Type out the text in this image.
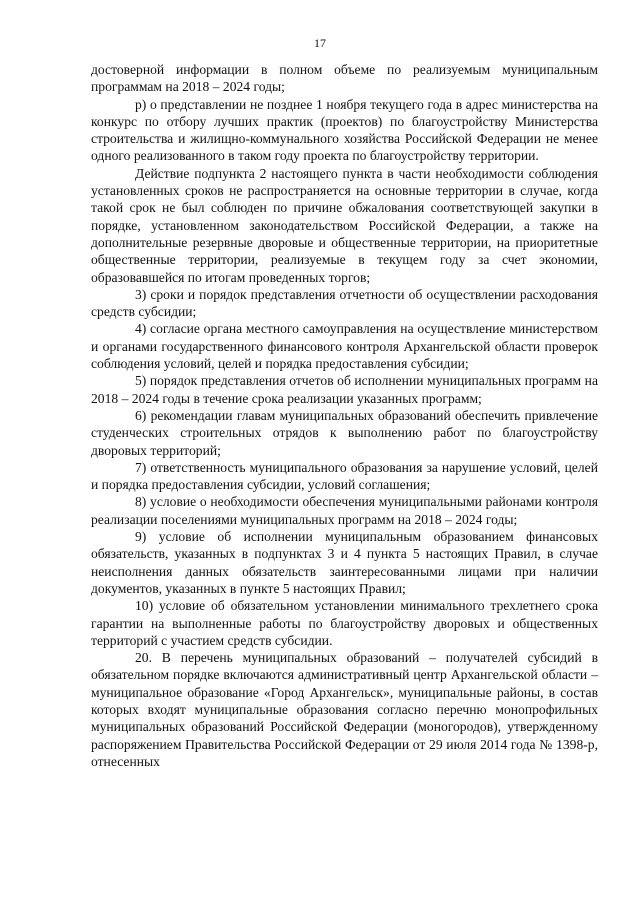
17

достоверной информации в полном объеме по реализуемым муниципальным программам на 2018 – 2024 годы;

р) о представлении не позднее 1 ноября текущего года в адрес министерства на конкурс по отбору лучших практик (проектов) по благоустройству Министерства строительства и жилищно-коммунального хозяйства Российской Федерации не менее одного реализованного в таком году проекта по благоустройству территории.

Действие подпункта 2 настоящего пункта в части необходимости соблюдения установленных сроков не распространяется на основные территории в случае, когда такой срок не был соблюден по причине обжалования соответствующей закупки в порядке, установленном законодательством Российской Федерации, а также на дополнительные резервные дворовые и общественные территории, на приоритетные общественные территории, реализуемые в текущем году за счет экономии, образовавшейся по итогам проведенных торгов;

3) сроки и порядок представления отчетности об осуществлении расходования средств субсидии;

4) согласие органа местного самоуправления на осуществление министерством и органами государственного финансового контроля Архангельской области проверок соблюдения условий, целей и порядка предоставления субсидии;

5) порядок представления отчетов об исполнении муниципальных программ на 2018 – 2024 годы в течение срока реализации указанных программ;

6) рекомендации главам муниципальных образований обеспечить привлечение студенческих строительных отрядов к выполнению работ по благоустройству дворовых территорий;

7) ответственность муниципального образования за нарушение условий, целей и порядка предоставления субсидии, условий соглашения;

8) условие о необходимости обеспечения муниципальными районами контроля реализации поселениями муниципальных программ на 2018 – 2024 годы;

9) условие об исполнении муниципальным образованием финансовых обязательств, указанных в подпунктах 3 и 4 пункта 5 настоящих Правил, в случае неисполнения данных обязательств заинтересованными лицами при наличии документов, указанных в пункте 5 настоящих Правил;

10) условие об обязательном установлении минимального трехлетнего срока гарантии на выполненные работы по благоустройству дворовых и общественных территорий с участием средств субсидии.

20. В перечень муниципальных образований – получателей субсидий в обязательном порядке включаются административный центр Архангельской области – муниципальное образование «Город Архангельск», муниципальные районы, в состав которых входят муниципальные образования согласно перечню монопрофильных муниципальных образований Российской Федерации (моногородов), утвержденному распоряжением Правительства Российской Федерации от 29 июля 2014 года № 1398-р, отнесенных
